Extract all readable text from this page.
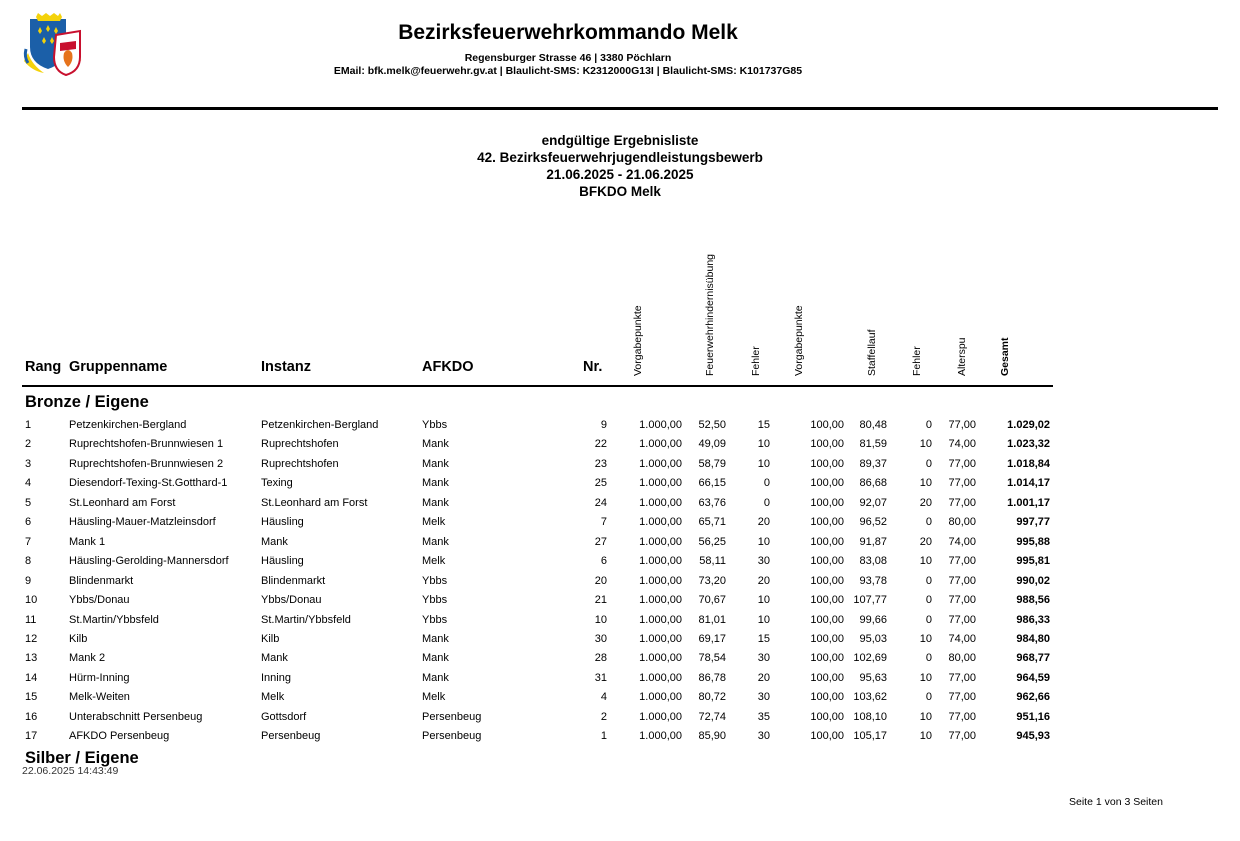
Bezirksfeuerwehrkommando Melk
Regensburger Strasse 46 | 3380 Pöchlarn
EMail: bfk.melk@feuerwehr.gv.at | Blaulicht-SMS: K2312000G13I | Blaulicht-SMS: K101737G85
endgültige Ergebnisliste
42. Bezirksfeuerwehrjugendleistungsbewerb
21.06.2025 - 21.06.2025
BFKDO Melk
Rang Gruppenname	Instanz	AFKDO	Nr.	Vorgabepunkte	Feuerwehrhindernisübung	Fehler	Vorgabepunkte	Staffellauf	Fehler	Alterspu	Gesamt
Bronze / Eigene
1	Petzenkirchen-Bergland	Petzenkirchen-Bergland	Ybbs	9	1.000,00 52,50	15	100,00 80,48	0 77,00	1.029,02
2	Ruprechtshofen-Brunnwiesen 1	Ruprechtshofen	Mank	22	1.000,00 49,09	10	100,00 81,59	10 74,00	1.023,32
3	Ruprechtshofen-Brunnwiesen 2	Ruprechtshofen	Mank	23	1.000,00 58,79	10	100,00 89,37	0 77,00	1.018,84
4	Diesendorf-Texing-St.Gotthard-1	Texing	Mank	25	1.000,00 66,15	0	100,00 86,68	10 77,00	1.014,17
5	St.Leonhard am Forst	St.Leonhard am Forst	Mank	24	1.000,00 63,76	0	100,00 92,07	20 77,00	1.001,17
6	Häusling-Mauer-Matzleinsdorf	Häusling	Melk	7	1.000,00 65,71	20	100,00 96,52	0 80,00	997,77
7	Mank 1	Mank	Mank	27	1.000,00 56,25	10	100,00 91,87	20 74,00	995,88
8	Häusling-Gerolding-Mannersdorf	Häusling	Melk	6	1.000,00 58,11	30	100,00 83,08	10 77,00	995,81
9	Blindenmarkt	Blindenmarkt	Ybbs	20	1.000,00 73,20	20	100,00 93,78	0 77,00	990,02
10	Ybbs/Donau	Ybbs/Donau	Ybbs	21	1.000,00 70,67	10	100,00 107,77	0 77,00	988,56
11	St.Martin/Ybbsfeld	St.Martin/Ybbsfeld	Ybbs	10	1.000,00 81,01	10	100,00 99,66	0 77,00	986,33
12	Kilb	Kilb	Mank	30	1.000,00 69,17	15	100,00 95,03	10 74,00	984,80
13	Mank 2	Mank	Mank	28	1.000,00 78,54	30	100,00 102,69	0 80,00	968,77
14	Hürm-Inning	Inning	Mank	31	1.000,00 86,78	20	100,00 95,63	10 77,00	964,59
15	Melk-Weiten	Melk	Melk	4	1.000,00 80,72	30	100,00 103,62	0 77,00	962,66
16	Unterabschnitt Persenbeug	Gottsdorf	Persenbeug	2	1.000,00 72,74	35	100,00 108,10	10 77,00	951,16
17	AFKDO Persenbeug	Persenbeug	Persenbeug	1	1.000,00 85,90	30	100,00 105,17	10 77,00	945,93
22.06.2025 14:43:49
Silber / Eigene
Seite 1 von 3 Seiten
